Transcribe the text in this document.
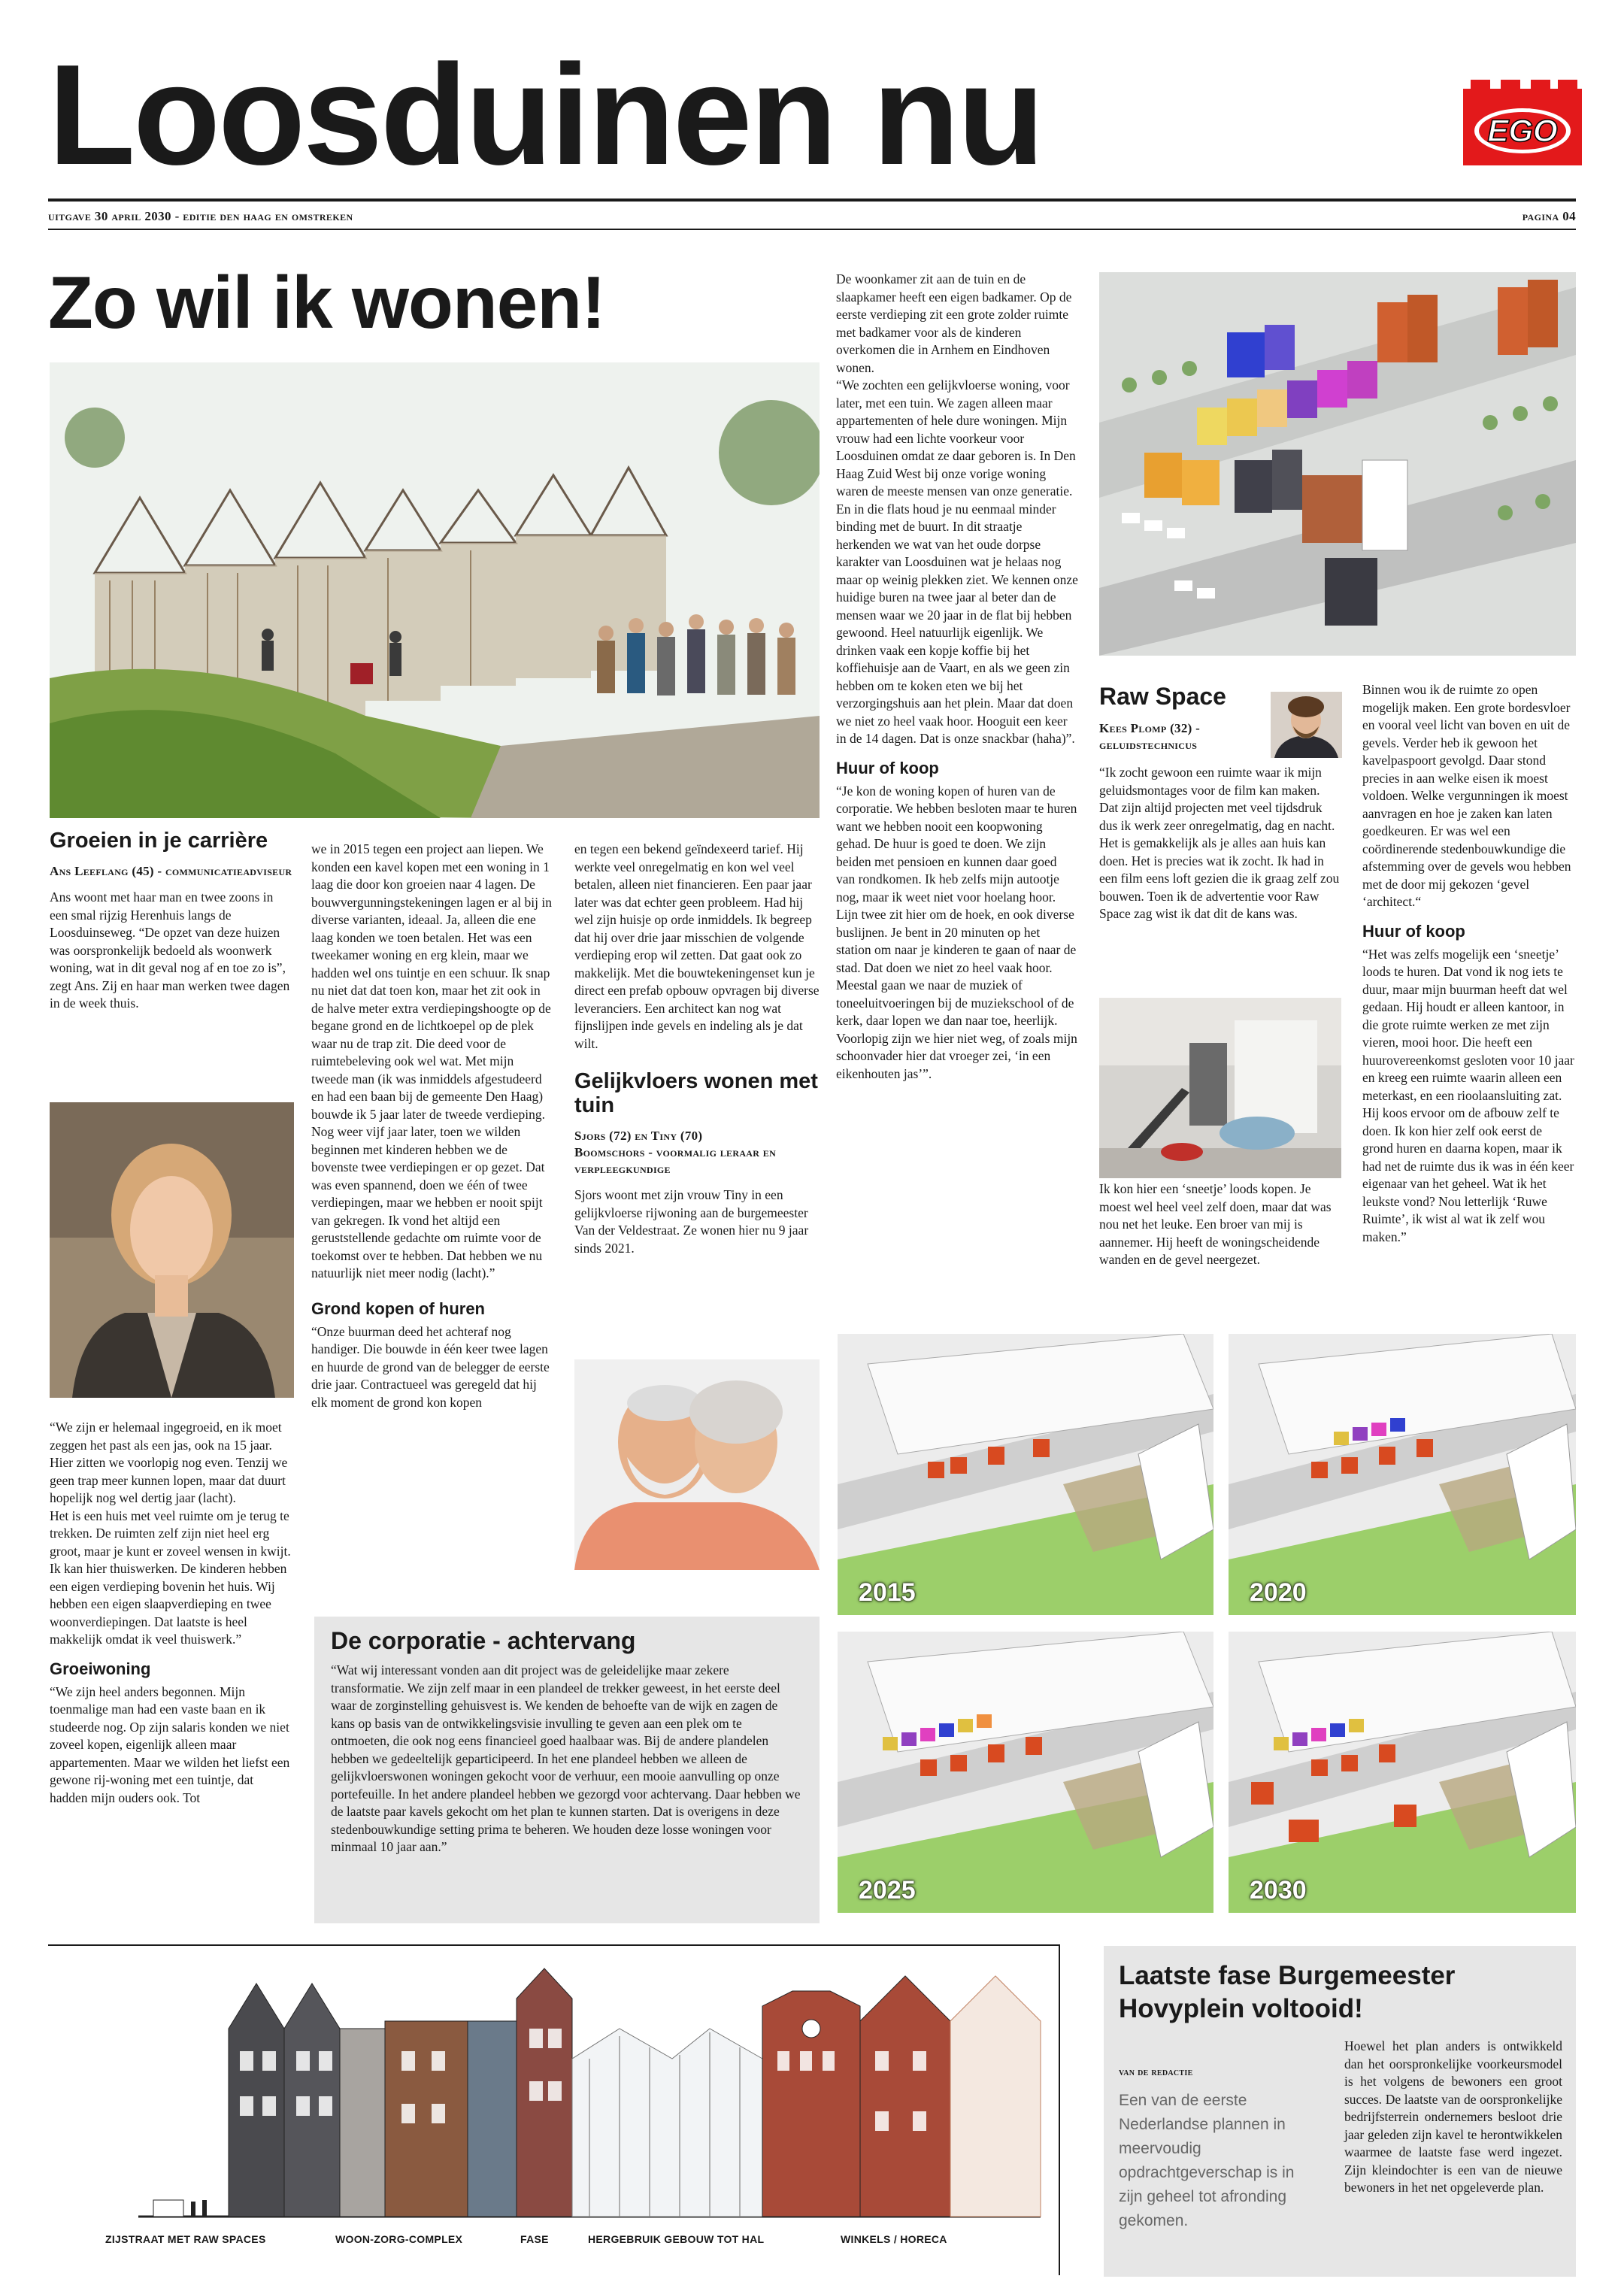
Loosduinen nu	EGO
uitgave 30 april 2030 - editie den haag en omstreken	pagina 04
Zo wil ik wonen!
Groeien in je carrière
Ans Leeflang (45) - communicatieadviseur
Ans woont met haar man en twee zoons in een smal rijzig Herenhuis langs de Loosduinseweg. “De opzet van deze huizen was oorspronkelijk bedoeld als woonwerk woning, wat in dit geval nog af en toe zo is”, zegt Ans. Zij en haar man werken twee dagen in de week thuis.

“We zijn er helemaal ingegroeid, en ik moet zeggen het past als een jas, ook na 15 jaar. Hier zitten we voorlopig nog even. Tenzij we geen trap meer kunnen lopen, maar dat duurt hopelijk nog wel dertig jaar (lacht).

Het is een huis met veel ruimte om je terug te trekken. De ruimten zelf zijn niet heel erg groot, maar je kunt er zoveel wensen in kwijt. Ik kan hier thuiswerken. De kinderen hebben een eigen verdieping bovenin het huis. Wij hebben een eigen slaapverdieping en twee woonverdiepingen. Dat laatste is heel makkelijk omdat ik veel thuiswerk.”

Groeiwoning

“We zijn heel anders begonnen. Mijn toenmalige man had een vaste baan en ik studeerde nog. Op zijn salaris konden we niet zoveel kopen, eigenlijk alleen maar appartementen. Maar we wilden het liefst een gewone rij-woning met een tuintje, dat hadden mijn ouders ook. Tot

we in 2015 tegen een project aan liepen. We konden een kavel kopen met een woning in 1 laag die door kon groeien naar 4 lagen. De bouwvergunningstekeningen lagen er al bij in diverse varianten, ideaal. Ja, alleen die ene laag konden we toen betalen. Het was een tweekamer woning en erg klein, maar we hadden wel ons tuintje en een schuur. Ik snap nu niet dat dat toen kon, maar het zit ook in de halve meter extra verdiepingshoogte op de begane grond en de lichtkoepel op de plek waar nu de trap zit. Die deed voor de ruimtebeleving ook wel wat. Met mijn tweede man (ik was inmiddels afgestudeerd en had een baan bij de gemeente Den Haag) bouwde ik 5 jaar later de tweede verdieping. Nog weer vijf jaar later, toen we wilden beginnen met kinderen hebben we de bovenste twee verdiepingen er op gezet. Dat was even spannend, doen we één of twee verdiepingen, maar we hebben er nooit spijt van gekregen. Ik vond het altijd een geruststellende gedachte om ruimte voor de toekomst over te hebben. Dat hebben we nu natuurlijk niet meer nodig (lacht).”

Grond kopen of huren

“Onze buurman deed het achteraf nog handiger. Die bouwde in één keer twee lagen en huurde de grond van de belegger de eerste drie jaar. Contractueel was geregeld dat hij elk moment de grond kon kopen

en tegen een bekend geïndexeerd tarief. Hij werkte veel onregelmatig en kon wel veel betalen, alleen niet financieren. Een paar jaar later was dat echter geen probleem. Had hij wel zijn huisje op orde inmiddels. Ik begreep dat hij over drie jaar misschien de volgende verdieping erop wil zetten. Dat gaat ook zo makkelijk. Met die bouwtekeningenset kun je direct een prefab opbouw opvragen bij diverse leveranciers. Een architect kan nog wat fijnslijpen inde gevels en indeling als je dat wilt.
Gelijkvloers wonen met tuin
Sjors (72) en Tiny (70)
Boomschors - voormalig leraar en verpleegkundige
Sjors woont met zijn vrouw Tiny in een gelijkvloerse rijwoning aan de burgemeester Van der Veldestraat. Ze wonen hier nu 9 jaar sinds 2021.

De woonkamer zit aan de tuin en de slaapkamer heeft een eigen badkamer. Op de eerste verdieping zit een grote zolder ruimte met badkamer voor als de kinderen overkomen die in Arnhem en Eindhoven wonen.

“We zochten een gelijkvloerse woning, voor later, met een tuin. We zagen alleen maar appartementen of hele dure woningen. Mijn vrouw had een lichte voorkeur voor Loosduinen omdat ze daar geboren is. In Den Haag Zuid West bij onze vorige woning waren de meeste mensen van onze generatie. En in die flats houd je nu eenmaal minder binding met de buurt. In dit straatje herkenden we wat van het oude dorpse karakter van Loosduinen wat je helaas nog maar op weinig plekken ziet. We kennen onze huidige buren na twee jaar al beter dan de mensen waar we 20 jaar in de flat bij hebben gewoond. Heel natuurlijk eigenlijk. We drinken vaak een kopje koffie bij het koffiehuisje aan de Vaart, en als we geen zin hebben om te koken eten we bij het verzorgingshuis aan het plein. Maar dat doen we niet zo heel vaak hoor. Hooguit een keer in de 14 dagen. Dat is onze snackbar (haha)”.

Huur of koop

“Je kon de woning kopen of huren van de corporatie. We hebben besloten maar te huren want we hebben nooit een koopwoning gehad. De huur is goed te doen. We zijn beiden met pensioen en kunnen daar goed van rondkomen. Ik heb zelfs mijn autootje nog, maar ik weet niet voor hoelang hoor. Lijn twee zit hier om de hoek, en ook diverse buslijnen. Je bent in 20 minuten op het station om naar je kinderen te gaan of naar de stad. Dat doen we niet zo heel vaak hoor. Meestal gaan we naar de muziek of toneeluitvoeringen bij de muziekschool of de kerk, daar lopen we dan naar toe, heerlijk. Voorlopig zijn we hier niet weg, of zoals mijn schoonvader hier dat vroeger zei, ‘in een eikenhouten jas’”.

Raw Space
Kees Plomp (32) -
geluidstechnicus
“Ik zocht gewoon een ruimte waar ik mijn geluidsmontages voor de film kan maken. Dat zijn altijd projecten met veel tijdsdruk dus ik werk zeer onregelmatig, dag en nacht. Het is gemakkelijk als je alles aan huis kan doen. Het is precies wat ik zocht. Ik had in een film eens loft gezien die ik graag zelf zou bouwen. Toen ik de advertentie voor Raw Space zag wist ik dat dit de kans was.
Ik kon hier een ‘sneetje’ loods kopen. Je moest wel heel veel zelf doen, maar dat was nou net het leuke. Een broer van mij is aannemer. Hij heeft de woningscheidende wanden en de gevel neergezet.

Binnen wou ik de ruimte zo open mogelijk maken. Een grote bordesvloer en vooral veel licht van boven en uit de gevels. Verder heb ik gewoon het kavelpaspoort gevolgd. Daar stond precies in aan welke eisen ik moest voldoen. Welke vergunningen ik moest aanvragen en hoe je zaken kan laten goedkeuren. Er was wel een coördinerende stedenbouwkundige die afstemming over de gevels wou hebben met de door mij gekozen ‘gevel ‘architect.“

Huur of koop

“Het was zelfs mogelijk een ‘sneetje’ loods te huren. Dat vond ik nog iets te duur, maar mijn buurman heeft dat wel gedaan. Hij houdt er alleen kantoor, in die grote ruimte werken ze met zijn vieren, mooi hoor. Die heeft een huurovereenkomst gesloten voor 10 jaar en kreeg een ruimte waarin alleen een meterkast, en een rioolaansluiting zat. Hij koos ervoor om de afbouw zelf te doen. Ik kon hier zelf ook eerst de grond huren en daarna kopen, maar ik had net de ruimte dus ik was in één keer eigenaar van het geheel. Wat ik het leukste vond? Nou letterlijk ‘Ruwe Ruimte’, ik wist al wat ik zelf wou maken.”

2015	2020
2025	2030
De corporatie - achtervang
“Wat wij interessant vonden aan dit project was de geleidelijke maar zekere transformatie. We zijn zelf maar in een plandeel de trekker geweest, in het eerste deel waar de zorginstelling gehuisvest is. We kenden de behoefte van de wijk en zagen de kans op basis van de ontwikkelingsvisie invulling te geven aan een plek om te ontmoeten, die ook nog eens financieel goed haalbaar was. Bij de andere plandelen hebben we gedeeltelijk geparticipeerd. In het ene plandeel hebben we alleen de gelijkvloerswonen woningen gekocht voor de verhuur, een mooie aanvulling op onze portefeuille. In het andere plandeel hebben we gezorgd voor achtervang. Daar hebben we de laatste paar kavels gekocht om het plan te kunnen starten. Dat is overigens in deze stedenbouwkundige setting prima te beheren. We houden deze losse woningen voor minmaal 10 jaar aan.”
ZIJSTRAAT MET RAW SPACES	WOON-ZORG-COMPLEX	FASE	HERGEBRUIK GEBOUW TOT HAL	WINKELS / HORECA
Laatste fase Burgemeester Hovyplein voltooid!
van de redactie
Een van de eerste Nederlandse plannen in meervoudig opdrachtgeverschap is in zijn geheel tot afronding gekomen.
Hoewel het plan anders is ontwikkeld dan het oorspronkelijke voorkeursmodel is het volgens de bewoners een groot succes. De laatste van de oorspronkelijke bedrijfsterrein ondernemers besloot drie jaar geleden zijn kavel te herontwikkelen waarmee de laatste fase werd ingezet. Zijn kleindochter is een van de nieuwe bewoners in het net opgeleverde plan.
